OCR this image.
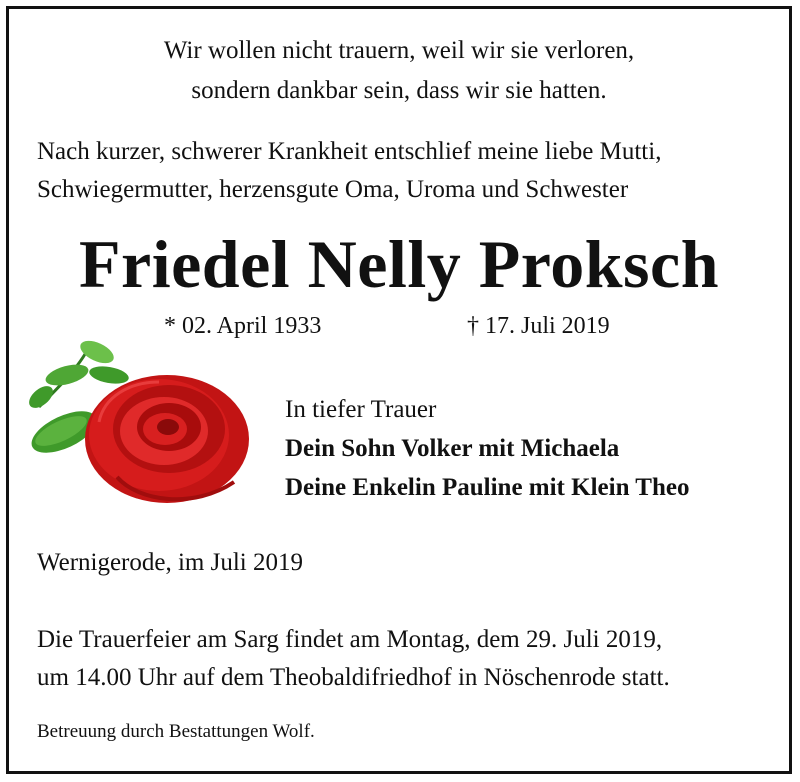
Wir wollen nicht trauern, weil wir sie verloren,
sondern dankbar sein, dass wir sie hatten.
Nach kurzer, schwerer Krankheit entschlief meine liebe Mutti,
Schwiegermutter, herzensgute Oma, Uroma und Schwester
Friedel Nelly Proksch
* 02. April 1933	† 17. Juli 2019
In tiefer Trauer
Dein Sohn Volker mit Michaela
Deine Enkelin Pauline mit Klein Theo
Wernigerode, im Juli 2019
Die Trauerfeier am Sarg findet am Montag, dem 29. Juli 2019,
um 14.00 Uhr auf dem Theobaldifriedhof in Nöschenrode statt.
Betreuung durch Bestattungen Wolf.
